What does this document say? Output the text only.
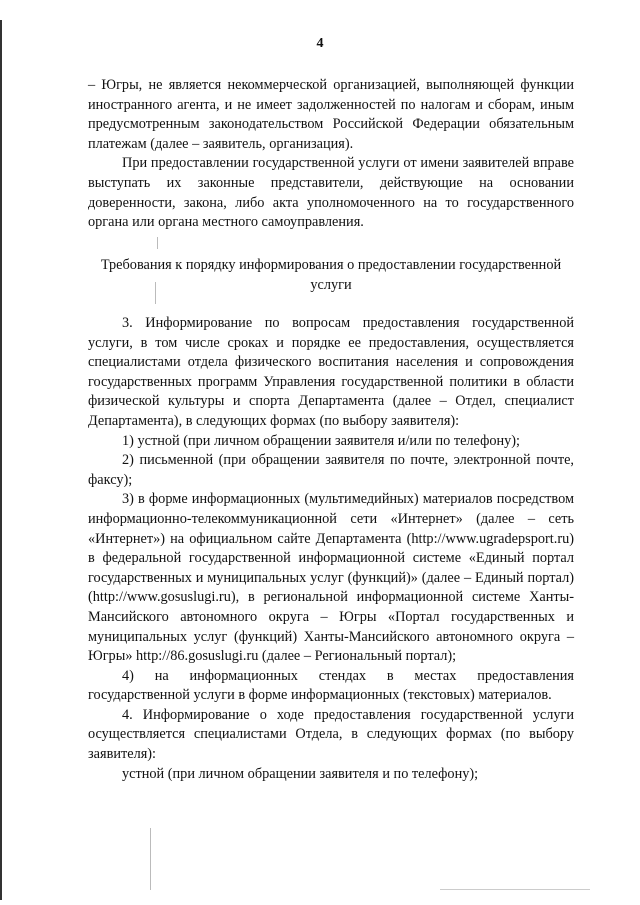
4

– Югры, не является некоммерческой организацией, выполняющей функции иностранного агента, и не имеет задолженностей по налогам и сборам, иным предусмотренным законодательством Российской Федерации обязательным платежам (далее – заявитель, организация).

При предоставлении государственной услуги от имени заявителей вправе выступать их законные представители, действующие на основании доверенности, закона, либо акта уполномоченного на то государственного органа или органа местного самоуправления.

Требования к порядку информирования о предоставлении государственной
услуги

3. Информирование по вопросам предоставления государственной услуги, в том числе сроках и порядке ее предоставления, осуществляется специалистами отдела физического воспитания населения и сопровождения государственных программ Управления государственной политики в области физической культуры и спорта Департамента (далее – Отдел, специалист Департамента), в следующих формах (по выбору заявителя):

1) устной (при личном обращении заявителя и/или по телефону);

2) письменной (при обращении заявителя по почте, электронной почте, факсу);

3) в форме информационных (мультимедийных) материалов посредством информационно-телекоммуникационной сети «Интернет» (далее – сеть «Интернет») на официальном сайте Департамента (http://www.ugradepsport.ru) в федеральной государственной информационной системе «Единый портал государственных и муниципальных услуг (функций)» (далее – Единый портал) (http://www.gosuslugi.ru), в региональной информационной системе Ханты-Мансийского автономного округа – Югры «Портал государственных и муниципальных услуг (функций) Ханты-Мансийского автономного округа – Югры» http://86.gosuslugi.ru (далее – Региональный портал);

4) на информационных стендах в местах предоставления государственной услуги в форме информационных (текстовых) материалов.

4. Информирование о ходе предоставления государственной услуги осуществляется специалистами Отдела, в следующих формах (по выбору заявителя):

устной (при личном обращении заявителя и по телефону);
